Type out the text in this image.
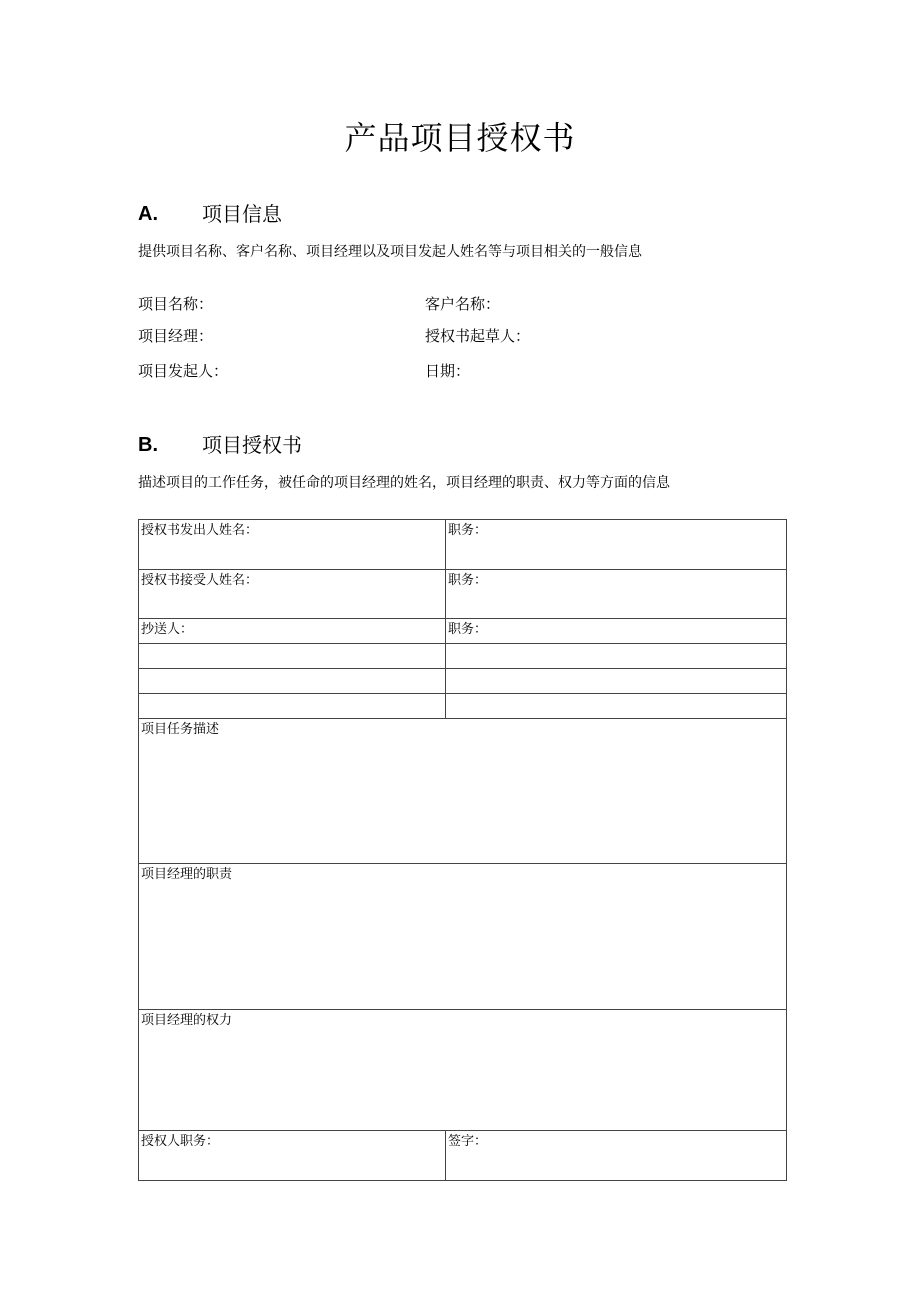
产品项目授权书
A. 项目信息
提供项目名称、客户名称、项目经理以及项目发起人姓名等与项目相关的一般信息
项目名称：	客户名称：
项目经理：	授权书起草人：
项目发起人：	日期：
B. 项目授权书
描述项目的工作任务，被任命的项目经理的姓名，项目经理的职责、权力等方面的信息
授权书发出人姓名：	职务：
授权书接受人姓名：	职务：
抄送人：	职务：

项目任务描述	
项目经理的职责	
项目经理的权力	
授权人职务：	签字：
